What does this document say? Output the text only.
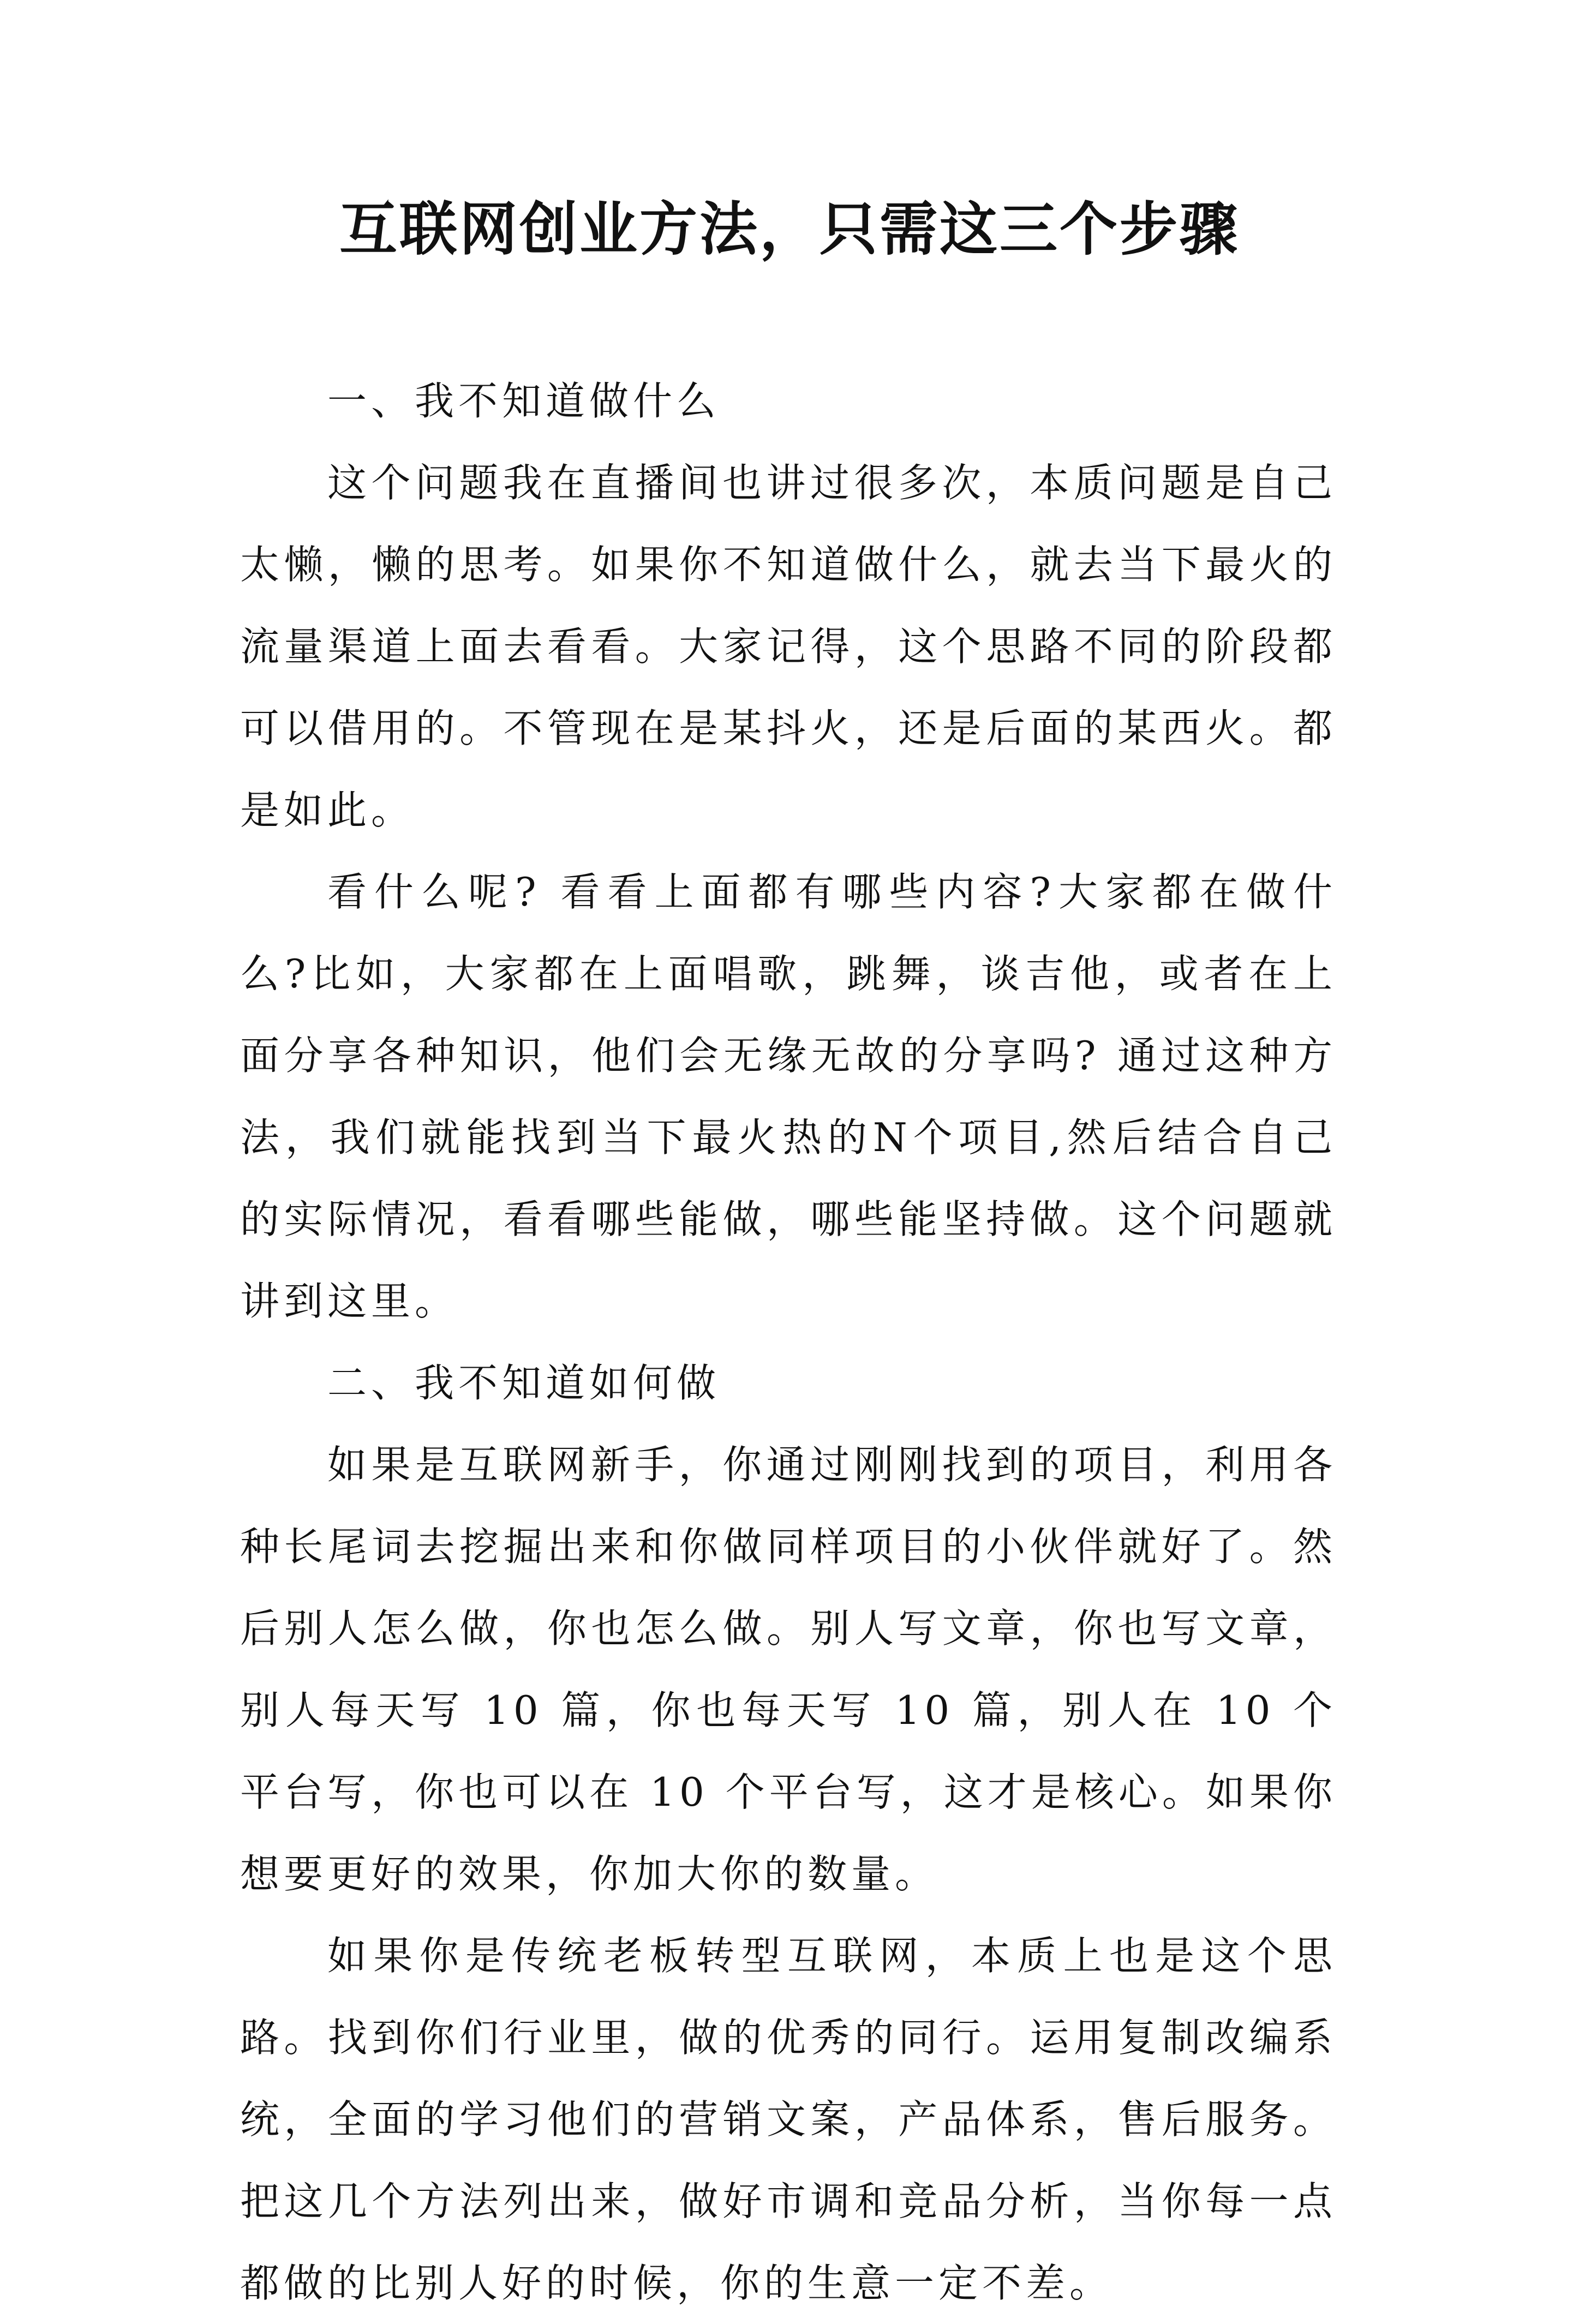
互联网创业方法，只需这三个步骤

一、我不知道做什么

这个问题我在直播间也讲过很多次，本质问题是自己太懒，懒的思考。如果你不知道做什么，就去当下最火的流量渠道上面去看看。大家记得，这个思路不同的阶段都可以借用的。不管现在是某抖火，还是后面的某西火。都是如此。

看什么呢? 看看上面都有哪些内容?大家都在做什么?比如，大家都在上面唱歌，跳舞，谈吉他，或者在上面分享各种知识，他们会无缘无故的分享吗? 通过这种方法，我们就能找到当下最火热的N个项目,然后结合自己的实际情况，看看哪些能做，哪些能坚持做。这个问题就讲到这里。

二、我不知道如何做

如果是互联网新手，你通过刚刚找到的项目，利用各种长尾词去挖掘出来和你做同样项目的小伙伴就好了。然后别人怎么做，你也怎么做。别人写文章，你也写文章，别人每天写 10 篇，你也每天写 10 篇，别人在 10 个平台写，你也可以在 10 个平台写，这才是核心。如果你想要更好的效果，你加大你的数量。

如果你是传统老板转型互联网，本质上也是这个思路。找到你们行业里，做的优秀的同行。运用复制改编系统，全面的学习他们的营销文案，产品体系，售后服务。把这几个方法列出来，做好市调和竞品分析，当你每一点都做的比别人好的时候，你的生意一定不差。
